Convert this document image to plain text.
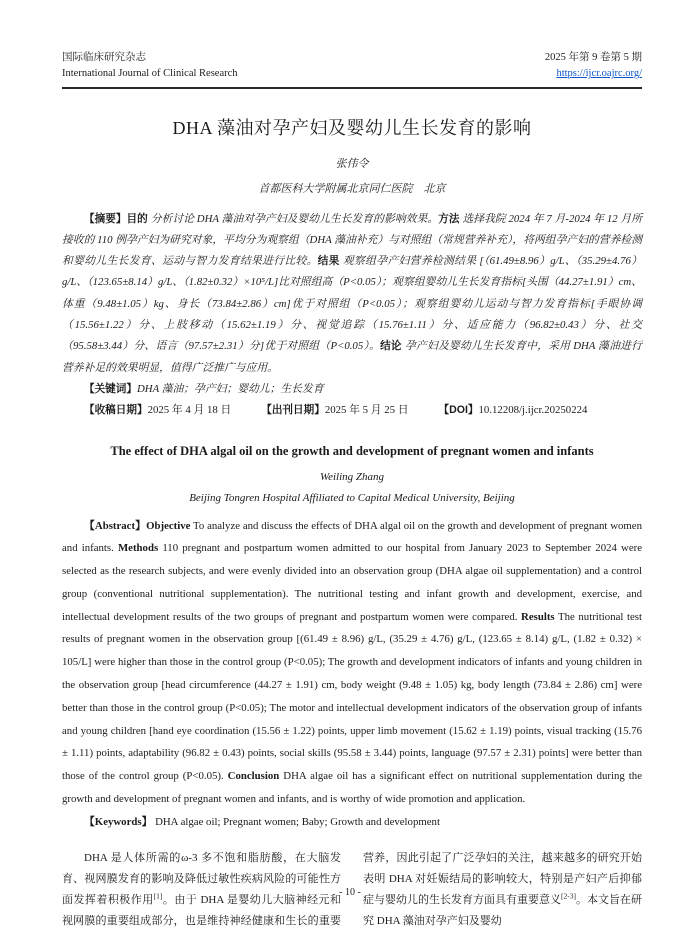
国际临床研究杂志
International Journal of Clinical Research
2025 年第 9 卷第 5 期
https://ijcr.oajrc.org/
DHA 藻油对孕产妇及婴幼儿生长发育的影响
张伟令
首都医科大学附属北京同仁医院　北京

【摘要】目的 分析讨论 DHA 藻油对孕产妇及婴幼儿生长发育的影响效果。方法 选择我院 2024 年 7 月-2024 年 12 月所接收的 110 例孕产妇为研究对象，平均分为观察组（DHA 藻油补充）与对照组（常规营养补充），将两组孕产妇的营养检测和婴幼儿生长发育、运动与智力发育结果进行比较。结果 观察组孕产妇营养检测结果 [（61.49±8.96）g/L、（35.29±4.76）g/L、（123.65±8.14）g/L、（1.82±0.32）×10⁵/L]比对照组高（P<0.05）；观察组婴幼儿生长发育指标[头围（44.27±1.91）cm、体重（9.48±1.05）kg、身长（73.84±2.86）cm]优于对照组（P<0.05）；观察组婴幼儿运动与智力发育指标[手眼协调（15.56±1.22）分、上肢移动（15.62±1.19）分、视觉追踪（15.76±1.11）分、适应能力（96.82±0.43）分、社交（95.58±3.44）分、语言（97.57±2.31）分]优于对照组（P<0.05）。结论 孕产妇及婴幼儿生长发育中，采用 DHA 藻油进行营养补足的效果明显，值得广泛推广与应用。

【关键词】DHA 藻油；孕产妇；婴幼儿；生长发育

【收稿日期】2025 年 4 月 18 日	【出刊日期】2025 年 5 月 25 日	【DOI】10.12208/j.ijcr.20250224

The effect of DHA algal oil on the growth and development of pregnant women and infants
Weiling Zhang
Beijing Tongren Hospital Affiliated to Capital Medical University, Beijing

【Abstract】Objective To analyze and discuss the effects of DHA algal oil on the growth and development of pregnant women and infants. Methods 110 pregnant and postpartum women admitted to our hospital from January 2023 to September 2024 were selected as the research subjects, and were evenly divided into an observation group (DHA algae oil supplementation) and a control group (conventional nutritional supplementation). The nutritional testing and infant growth and development, exercise, and intellectual development results of the two groups of pregnant and postpartum women were compared. Results The nutritional test results of pregnant women in the observation group [(61.49 ± 8.96) g/L, (35.29 ± 4.76) g/L, (123.65 ± 8.14) g/L, (1.82 ± 0.32) × 105/L] were higher than those in the control group (P<0.05); The growth and development indicators of infants and young children in the observation group [head circumference (44.27 ± 1.91) cm, body weight (9.48 ± 1.05) kg, body length (73.84 ± 2.86) cm] were better than those in the control group (P<0.05); The motor and intellectual development indicators of the observation group of infants and young children [hand eye coordination (15.56 ± 1.22) points, upper limb movement (15.62 ± 1.19) points, visual tracking (15.76 ± 1.11) points, adaptability (96.82 ± 0.43) points, social skills (95.58 ± 3.44) points, language (97.57 ± 2.31) points] were better than those of the control group (P<0.05). Conclusion DHA algae oil has a significant effect on nutritional supplementation during the growth and development of pregnant women and infants, and is worthy of wide promotion and application.

【Keywords】 DHA algae oil; Pregnant women; Baby; Growth and development

DHA 是人体所需的ω-3 多不饱和脂肪酸，在大脑发育、视网膜发育的影响及降低过敏性疾病风险的可能性方面发挥着积极作用[1]。由于 DHA 是婴幼儿大脑神经元和视网膜的重要组成部分，也是维持神经健康和生长的重要营养，因此引起了广泛孕妇的关注，越来越多的研究开始表明 DHA 对妊娠结局的影响较大，特别是产妇产后抑郁症与婴幼儿的生长发育方面具有重要意义[2-3]。本文旨在研究 DHA 藻油对孕产妇及婴幼

- 10 -
